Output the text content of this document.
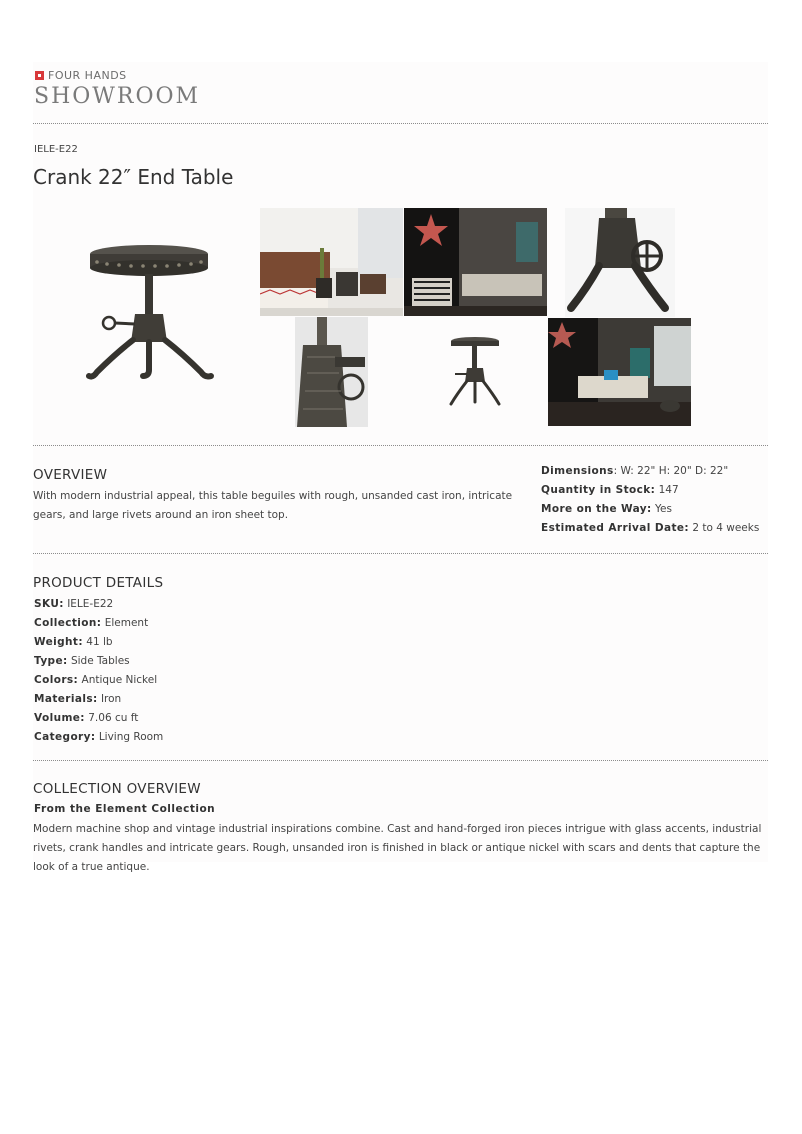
FOUR HANDS
SHOWROOM
IELE-E22
Crank 22″ End Table
OVERVIEW
With modern industrial appeal, this table beguiles with rough, unsanded cast iron, intricate gears, and large rivets around an iron sheet top.
Dimensions: W: 22" H: 20" D: 22"
Quantity in Stock: 147
More on the Way: Yes
Estimated Arrival Date: 2 to 4 weeks
PRODUCT DETAILS
SKU: IELE-E22
Collection: Element
Weight: 41 lb
Type: Side Tables
Colors: Antique Nickel
Materials: Iron
Volume: 7.06 cu ft
Category: Living Room
COLLECTION OVERVIEW
From the Element Collection
Modern machine shop and vintage industrial inspirations combine. Cast and hand-forged iron pieces intrigue with glass accents, industrial rivets, crank handles and intricate gears. Rough, unsanded iron is finished in black or antique nickel with scars and dents that capture the look of a true antique.
